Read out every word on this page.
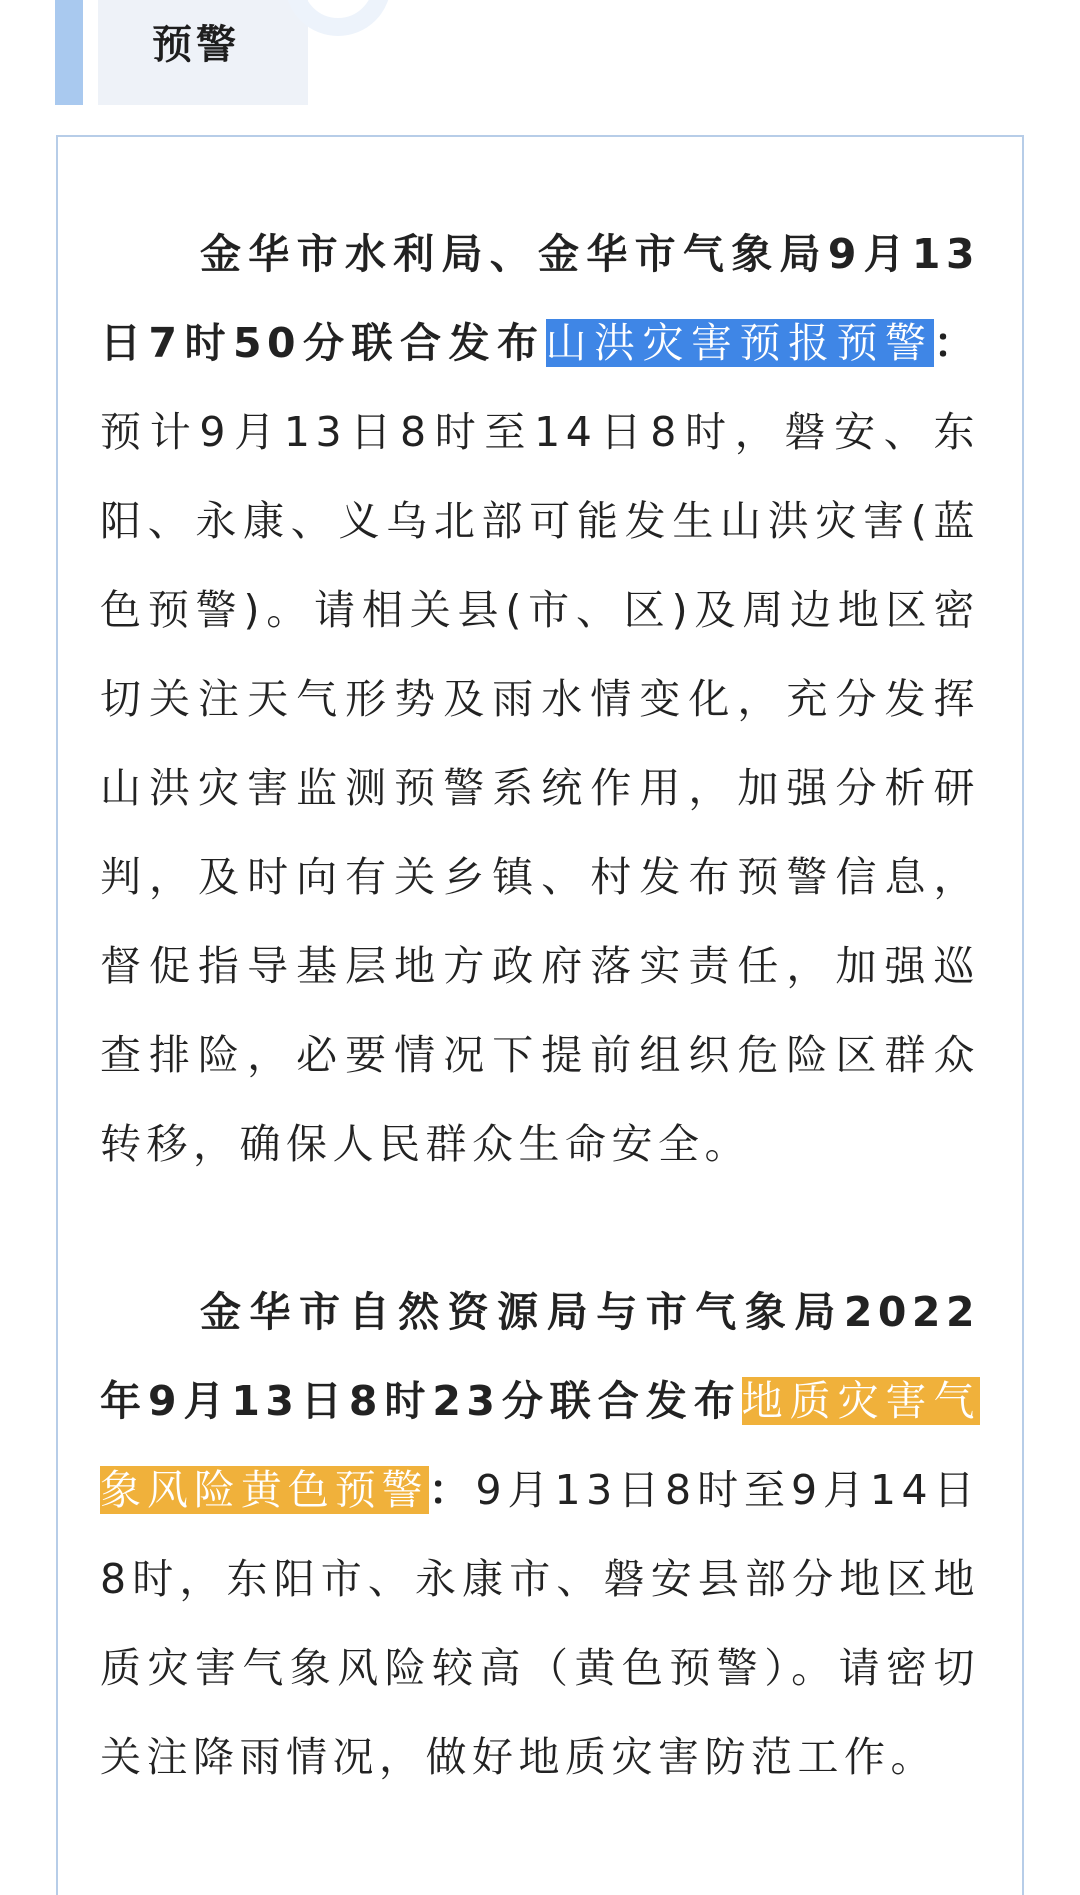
预警

金华市水利局、金华市气象局9月13日7时50分联合发布山洪灾害预报预警：预计9月13日8时至14日8时，磐安、东阳、永康、义乌北部可能发生山洪灾害(蓝色预警)。请相关县(市、区)及周边地区密切关注天气形势及雨水情变化，充分发挥山洪灾害监测预警系统作用，加强分析研判，及时向有关乡镇、村发布预警信息，督促指导基层地方政府落实责任，加强巡查排险，必要情况下提前组织危险区群众转移，确保人民群众生命安全。

金华市自然资源局与市气象局2022年9月13日8时23分联合发布地质灾害气象风险黄色预警：9月13日8时至9月14日8时，东阳市、永康市、磐安县部分地区地质灾害气象风险较高（黄色预警）。请密切关注降雨情况，做好地质灾害防范工作。
